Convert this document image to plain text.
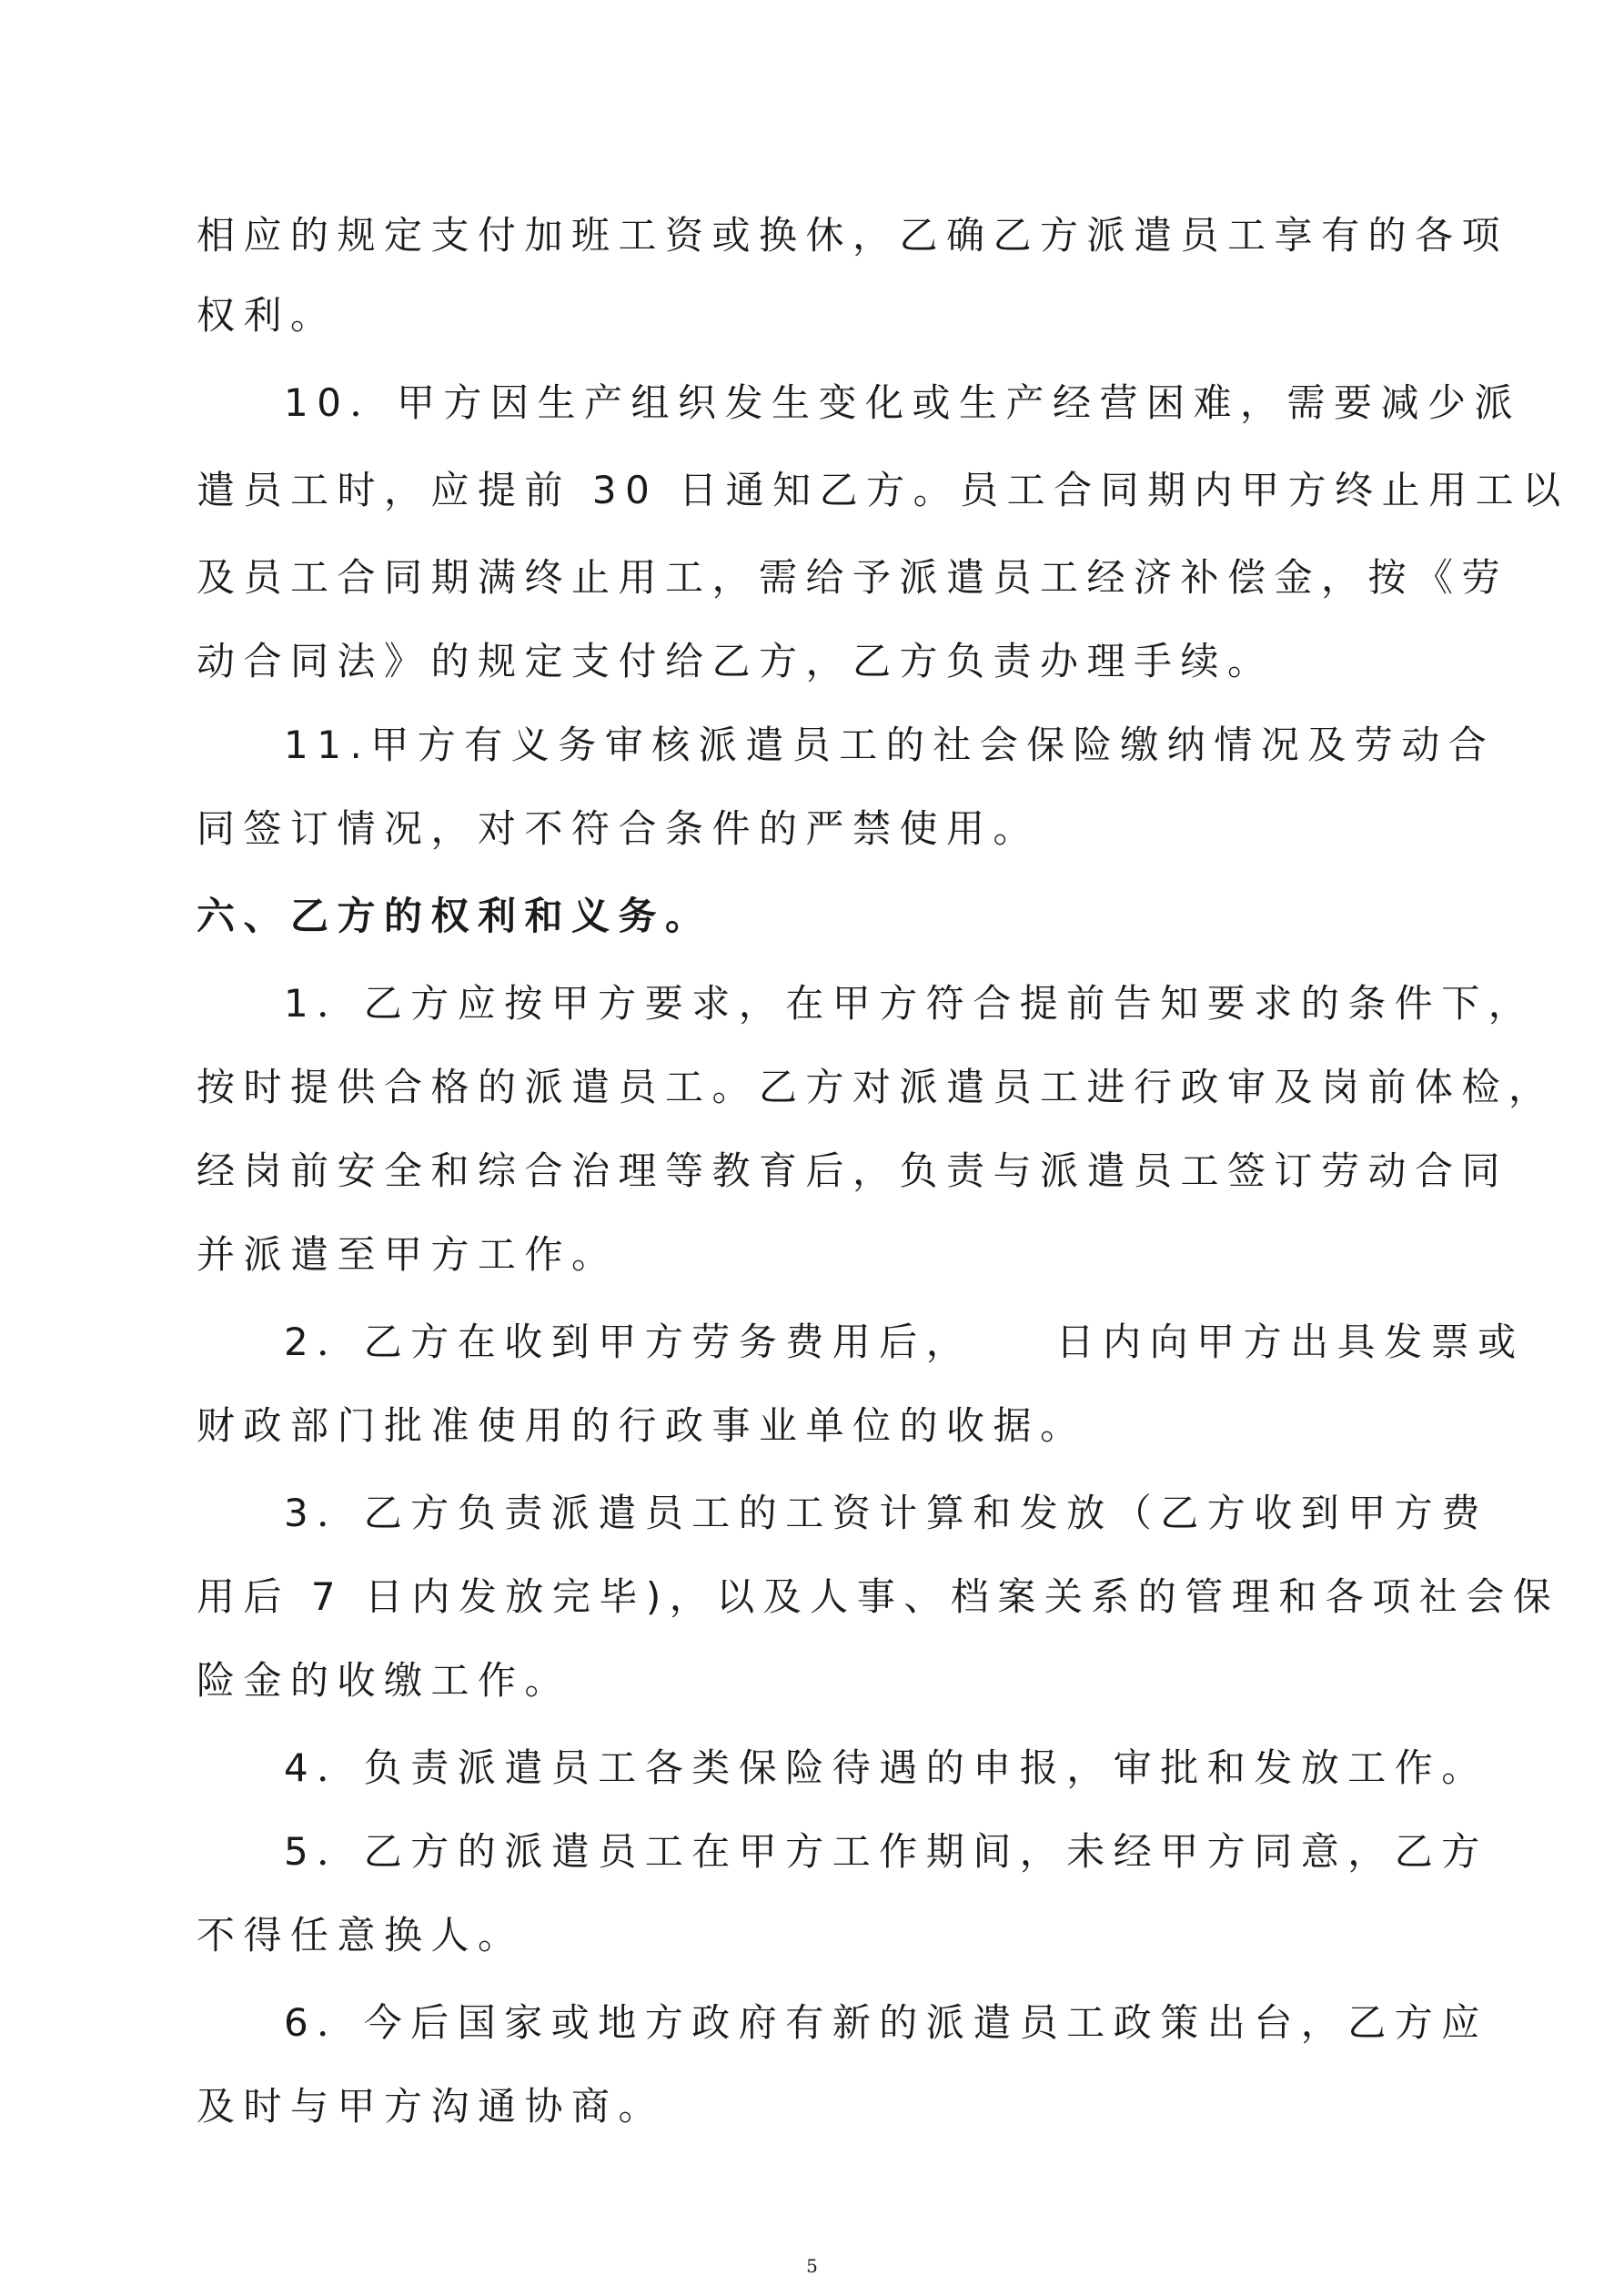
相应的规定支付加班工资或换休，乙确乙方派遣员工享有的各项
权利。
10．甲方因生产组织发生变化或生产经营困难，需要减少派
遣员工时，应提前 30 日通知乙方。员工合同期内甲方终止用工以
及员工合同期满终止用工，需给予派遣员工经济补偿金，按《劳
动合同法》的规定支付给乙方，乙方负责办理手续。
11.甲方有义务审核派遣员工的社会保险缴纳情况及劳动合
同签订情况，对不符合条件的严禁使用。
六、乙方的权利和义务。
1．乙方应按甲方要求，在甲方符合提前告知要求的条件下，
按时提供合格的派遣员工。乙方对派遣员工进行政审及岗前体检，
经岗前安全和综合治理等教育后，负责与派遣员工签订劳动合同
并派遣至甲方工作。
2．乙方在收到甲方劳务费用后，    日内向甲方出具发票或
财政部门批准使用的行政事业单位的收据。
3．乙方负责派遣员工的工资计算和发放（乙方收到甲方费
用后 7 日内发放完毕)，以及人事、档案关系的管理和各项社会保
险金的收缴工作。
4．负责派遣员工各类保险待遇的申报，审批和发放工作。
5．乙方的派遣员工在甲方工作期间，未经甲方同意，乙方
不得任意换人。
6．今后国家或地方政府有新的派遣员工政策出台，乙方应
及时与甲方沟通协商。
5
